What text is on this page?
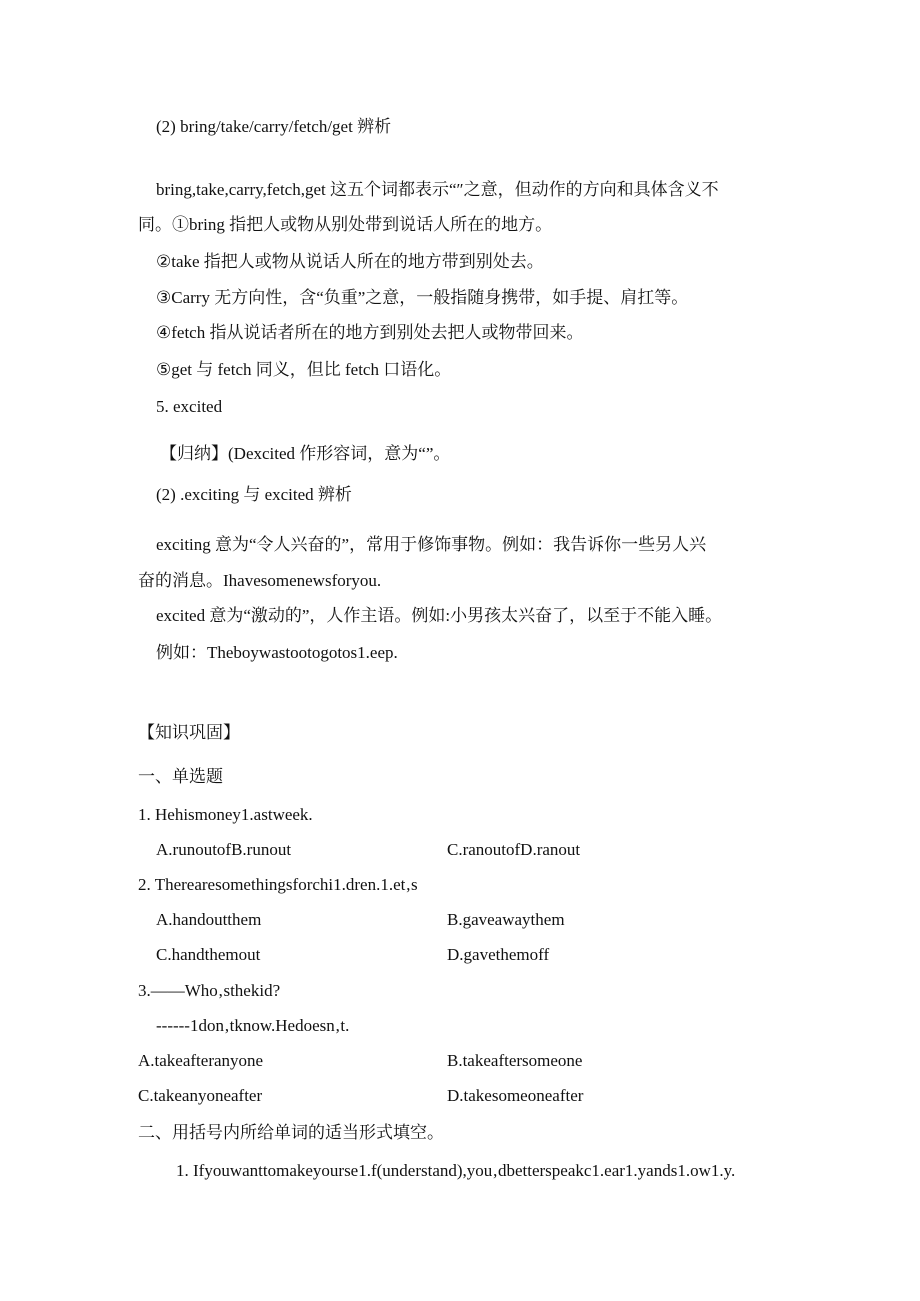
(2) bring/take/carry/fetch/get 辨析
bring,take,carry,fetch,get 这五个词都表示“″之意，但动作的方向和具体含义不
同。①bring 指把人或物从别处带到说话人所在的地方。
②take 指把人或物从说话人所在的地方带到别处去。
③Carry 无方向性，含“负重”之意，一般指随身携带，如手提、肩扛等。
④fetch 指从说话者所在的地方到别处去把人或物带回来。
⑤get 与 fetch 同义，但比 fetch 口语化。
5. excited
【归纳】(Dexcited 作形容词，意为“”。
(2) .exciting 与 excited 辨析
exciting 意为“令人兴奋的”，常用于修饰事物。例如：我告诉你一些另人兴
奋的消息。Ihavesomenewsforyou.
excited 意为“激动的”，人作主语。例如:小男孩太兴奋了，以至于不能入睡。
例如：Theboywastootogotos1.eep.
【知识巩固】
一、单选题
1. Hehismoney1.astweek.
A.runoutofB.runout	C.ranoutofD.ranout
2. Therearesomethingsforchi1.dren.1.et‚s
A.handoutthem	B.gaveawaythem
C.handthemout	D.gavethemoff
3.——Who‚sthekid?
------1don‚tknow.Hedoesn‚t.
A.takeafteranyone	B.takeaftersomeone
C.takeanyoneafter	D.takesomeoneafter
二、用括号内所给单词的适当形式填空。
1. Ifyouwanttomakeyourse1.f(understand),you‚dbetterspeakc1.ear1.yands1.ow1.y.
